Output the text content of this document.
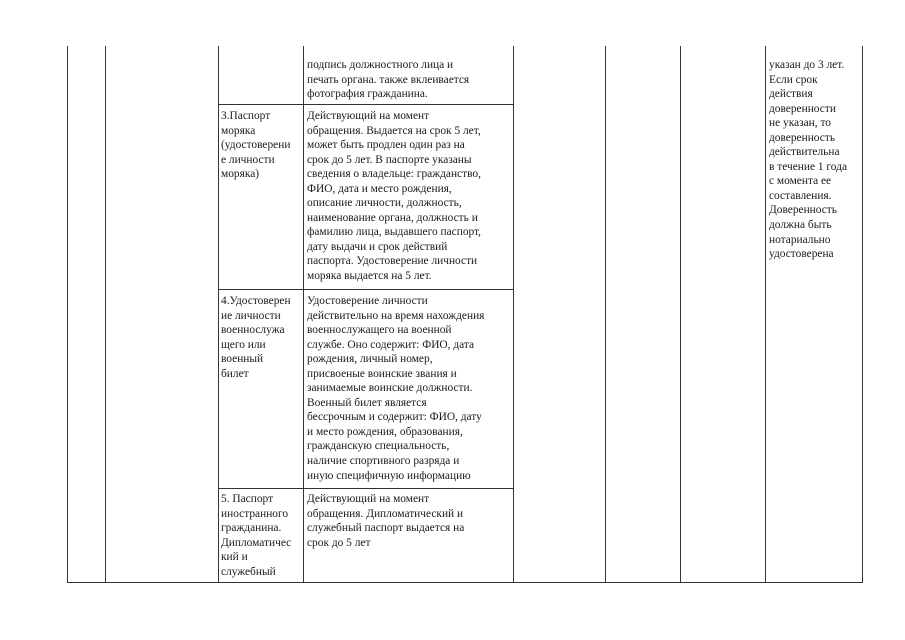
подпись должностного лица и
печать органа. также вклеивается
фотография гражданина.
3.Паспорт
моряка
(удостоверени
е личности
моряка)
Действующий на момент
обращения. Выдается на срок 5 лет,
может быть продлен один раз на
срок до 5 лет. В паспорте указаны
сведения о владельце: гражданство,
ФИО, дата и место рождения,
описание личности, должность,
наименование органа, должность и
фамилию лица, выдавшего паспорт,
дату выдачи и срок действий
паспорта. Удостоверение личности
моряка выдается на 5 лет.
4.Удостоверен
ие личности
военнослужа
щего или
военный
билет
Удостоверение личности
действительно на время нахождения
военнослужащего на военной
службе. Оно содержит: ФИО, дата
рождения, личный номер,
присвоеные воинские звания и
занимаемые воинские должности.
Военный билет является
бессрочным и содержит: ФИО, дату
и место рождения, образования,
гражданскую специальность,
наличие спортивного разряда и
иную специфичную информацию
5. Паспорт
иностранного
гражданина.
Дипломатичес
кий и
служебный
Действующий на момент
обращения. Дипломатический и
служебный паспорт выдается на
срок до 5 лет
указан до 3 лет.
Если срок
действия
доверенности
не указан, то
доверенность
действительна
в течение 1 года
с момента ее
составления.
Доверенность
должна быть
нотариально
удостоверена
